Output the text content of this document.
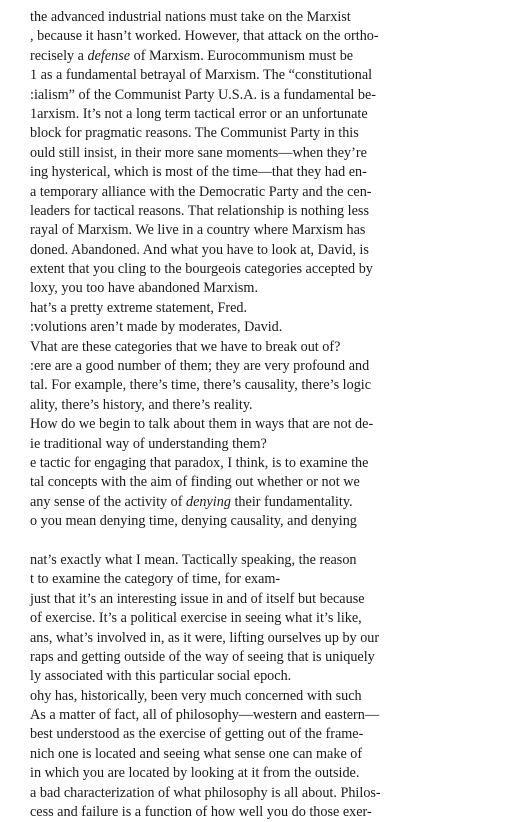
the advanced industrial nations must take on the Marxist
, because it hasn’t worked. However, that attack on the ortho-
recisely a defense of Marxism. Eurocommunism must be
1 as a fundamental betrayal of Marxism. The “constitutional
:ialism” of the Communist Party U.S.A. is a fundamental be-
1arxism. It’s not a long term tactical error or an unfortunate
block for pragmatic reasons. The Communist Party in this
ould still insist, in their more sane moments—when they’re
ing hysterical, which is most of the time—that they had en-
a temporary alliance with the Democratic Party and the cen-
leaders for tactical reasons. That relationship is nothing less
rayal of Marxism. We live in a country where Marxism has
doned. Abandoned. And what you have to look at, David, is
extent that you cling to the bourgeois categories accepted by
loxy, you too have abandoned Marxism.
hat’s a pretty extreme statement, Fred.
:volutions aren’t made by moderates, David.
Vhat are these categories that we have to break out of?
:ere are a good number of them; they are very profound and
tal. For example, there’s time, there’s causality, there’s logic
ality, there’s history, and there’s reality.
How do we begin to talk about them in ways that are not de-
ie traditional way of understanding them?
e tactic for engaging that paradox, I think, is to examine the
tal concepts with the aim of finding out whether or not we
any sense of the activity of denying their fundamentality.
o you mean denying time, denying causality, and denying
nat’s exactly what I mean. Tactically speaking, the reason
t to examine the category of time, for exam-
just that it’s an interesting issue in and of itself but because
of exercise. It’s a political exercise in seeing what it’s like,
ans, what’s involved in, as it were, lifting ourselves up by our
raps and getting outside of the way of seeing that is uniquely
ly associated with this particular social epoch.
ohy has, historically, been very much concerned with such
As a matter of fact, all of philosophy—western and eastern—
best understood as the exercise of getting out of the frame-
nich one is located and seeing what sense one can make of
in which you are located by looking at it from the outside.
a bad characterization of what philosophy is all about. Philos-
cess and failure is a function of how well you do those exer-
